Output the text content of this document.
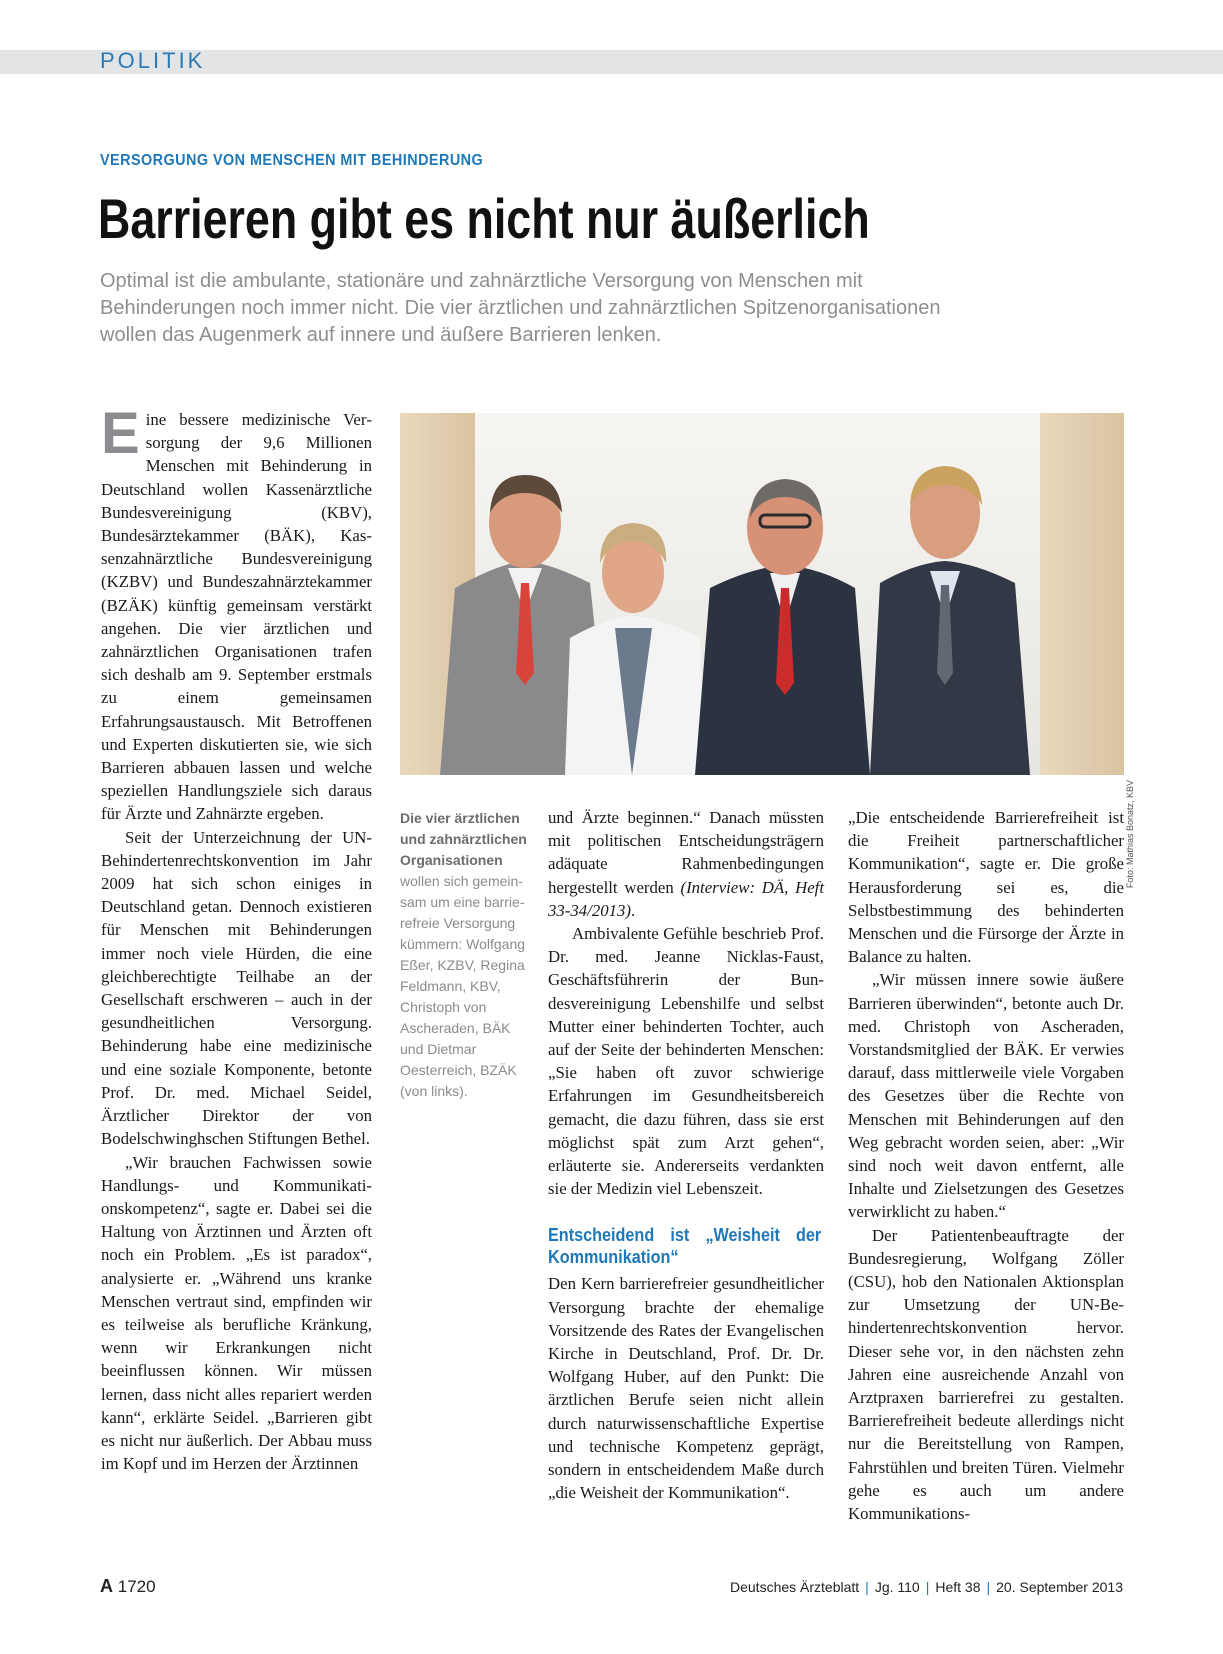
POLITIK
VERSORGUNG VON MENSCHEN MIT BEHINDERUNG
Barrieren gibt es nicht nur äußerlich
Optimal ist die ambulante, stationäre und zahnärztliche Versorgung von Menschen mit Behinderungen noch immer nicht. Die vier ärztlichen und zahnärztlichen Spitzenorganisationen wollen das Augenmerk auf innere und äußere Barrieren lenken.

Eine bessere medizinische Versorgung der 9,6 Millionen Menschen mit Behinderung in Deutschland wollen Kassenärztliche Bundesvereinigung (KBV), Bundesärztekammer (BÄK), Kassenzahnärztliche Bundesvereinigung (KZBV) und Bundeszahnärztekammer (BZÄK) künftig gemeinsam verstärkt angehen. Die vier ärztlichen und zahnärztlichen Organisationen trafen sich deshalb am 9. September erstmals zu einem gemeinsamen Erfahrungsaustausch. Mit Betroffenen und Experten diskutierten sie, wie sich Barrieren abbauen lassen und welche speziellen Handlungsziele sich daraus für Ärzte und Zahnärzte ergeben.

Seit der Unterzeichnung der UN-Behindertenrechtskonvention im Jahr 2009 hat sich schon einiges in Deutschland getan. Dennoch existieren für Menschen mit Behinderungen immer noch viele Hürden, die eine gleichberechtigte Teilhabe an der Gesellschaft erschweren – auch in der gesundheitlichen Versorgung. Behinderung habe eine medizinische und eine soziale Komponente, betonte Prof. Dr. med. Michael Seidel, Ärztlicher Direktor der von Bodelschwinghschen Stiftungen Bethel.

„Wir brauchen Fachwissen sowie Handlungs- und Kommunikationskompetenz“, sagte er. Dabei sei die Haltung von Ärztinnen und Ärzten oft noch ein Problem. „Es ist paradox“, analysierte er. „Während uns kranke Menschen vertraut sind, empfinden wir es teilweise als berufliche Kränkung, wenn wir Erkrankungen nicht beeinflussen können. Wir müssen lernen, dass nicht alles repariert werden kann“, erklärte Seidel. „Barrieren gibt es nicht nur äußerlich. Der Abbau muss im Kopf und im Herzen der Ärztinnen

Foto: Mathias Bonatz, KBV
Die vier ärztlichen und zahnärztlichen Organisationen wollen sich gemeinsam um eine barrierefreie Versorgung kümmern: Wolfgang Eßer, KZBV, Regina Feldmann, KBV, Christoph von Ascheraden, BÄK und Dietmar Oesterreich, BZÄK (von links).

und Ärzte beginnen.“ Danach müssten mit politischen Entscheidungsträgern adäquate Rahmenbedingungen hergestellt werden (Interview: DÄ, Heft 33-34/2013).

Ambivalente Gefühle beschrieb Prof. Dr. med. Jeanne Nicklas-Faust, Geschäftsführerin der Bundesvereinigung Lebenshilfe und selbst Mutter einer behinderten Tochter, auch auf der Seite der behinderten Menschen: „Sie haben oft zuvor schwierige Erfahrungen im Gesundheitsbereich gemacht, die dazu führen, dass sie erst möglichst spät zum Arzt gehen“, erläuterte sie. Andererseits verdankten sie der Medizin viel Lebenszeit.

Entscheidend ist „Weisheit der Kommunikation“

Den Kern barrierefreier gesundheitlicher Versorgung brachte der ehemalige Vorsitzende des Rates der Evangelischen Kirche in Deutschland, Prof. Dr. Dr. Wolfgang Huber, auf den Punkt: Die ärztlichen Berufe seien nicht allein durch naturwissenschaftliche Expertise und technische Kompetenz geprägt, sondern in entscheidendem Maße durch „die Weisheit der Kommunikation“.

„Die entscheidende Barrierefreiheit ist die Freiheit partnerschaftlicher Kommunikation“, sagte er. Die große Herausforderung sei es, die Selbstbestimmung des behinderten Menschen und die Fürsorge der Ärzte in Balance zu halten.

„Wir müssen innere sowie äußere Barrieren überwinden“, betonte auch Dr. med. Christoph von Ascheraden, Vorstandsmitglied der BÄK. Er verwies darauf, dass mittlerweile viele Vorgaben des Gesetzes über die Rechte von Menschen mit Behinderungen auf den Weg gebracht worden seien, aber: „Wir sind noch weit davon entfernt, alle Inhalte und Zielsetzungen des Gesetzes verwirklicht zu haben.“

Der Patientenbeauftragte der Bundesregierung, Wolfgang Zöller (CSU), hob den Nationalen Aktionsplan zur Umsetzung der UN-Behindertenrechtskonvention hervor. Dieser sehe vor, in den nächsten zehn Jahren eine ausreichende Anzahl von Arztpraxen barrierefrei zu gestalten. Barrierefreiheit bedeute allerdings nicht nur die Bereitstellung von Rampen, Fahrstühlen und breiten Türen. Vielmehr gehe es auch um andere Kommunikations-

A 1720	Deutsches Ärzteblatt | Jg. 110 | Heft 38 | 20. September 2013
